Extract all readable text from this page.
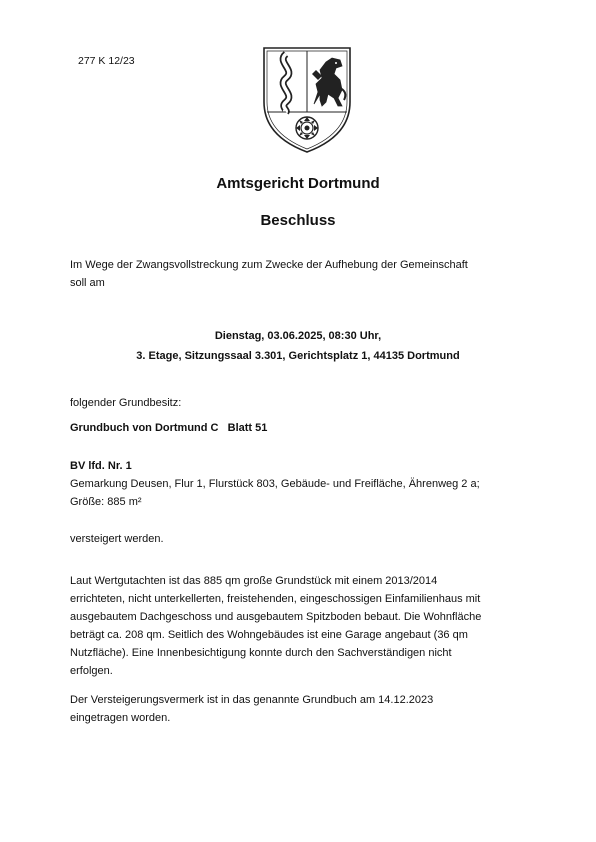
277 K 12/23
Amtsgericht Dortmund
Beschluss
Im Wege der Zwangsvollstreckung zum Zwecke der Aufhebung der Gemeinschaft
soll am
Dienstag, 03.06.2025, 08:30 Uhr,
3. Etage, Sitzungssaal 3.301, Gerichtsplatz 1, 44135 Dortmund
folgender Grundbesitz:
Grundbuch von Dortmund C   Blatt 51
BV lfd. Nr. 1
Gemarkung Deusen, Flur 1, Flurstück 803, Gebäude- und Freifläche, Ährenweg 2 a;
Größe: 885 m²
versteigert werden.
Laut Wertgutachten ist das 885 qm große Grundstück mit einem 2013/2014
errichteten, nicht unterkellerten, freistehenden, eingeschossigen Einfamilienhaus mit
ausgebautem Dachgeschoss und ausgebautem Spitzboden bebaut. Die Wohnfläche
beträgt ca. 208 qm. Seitlich des Wohngebäudes ist eine Garage angebaut (36 qm
Nutzfläche). Eine Innenbesichtigung konnte durch den Sachverständigen nicht
erfolgen.
Der Versteigerungsvermerk ist in das genannte Grundbuch am 14.12.2023
eingetragen worden.
